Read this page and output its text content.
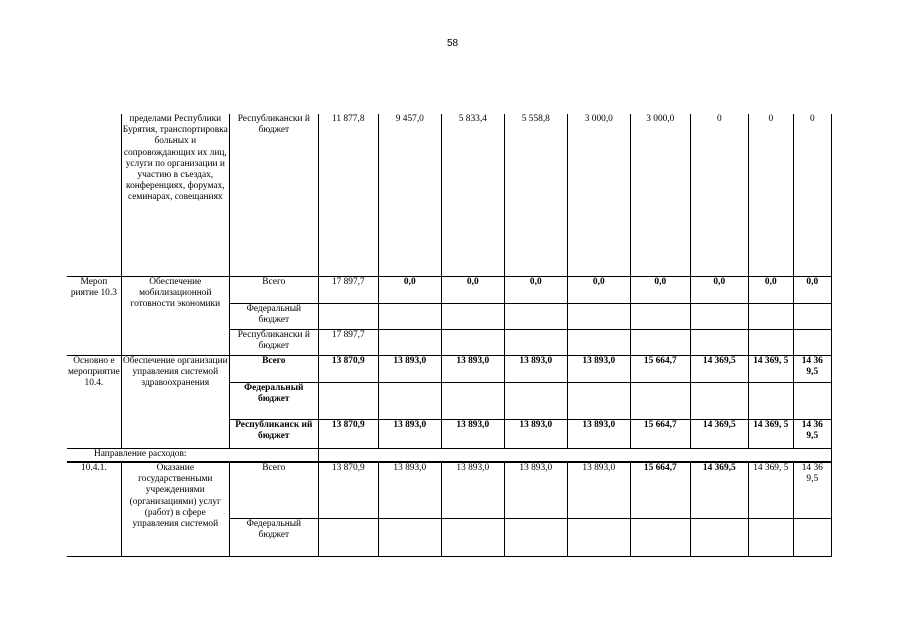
58
	пределами Республики Бурятия, транспортировка больных и сопровождающих их лиц, услуги по организации и участию в съездах, конференциях, форумах, семинарах, совещаниях	Республикански й бюджет	11 877,8	9 457,0	5 833,4	5 558,8	3 000,0	3 000,0	0	0	0
Мероп риятие 10.3	Обеспечение мобилизационной готовности экономики	Всего	17 897,7	0,0	0,0	0,0	0,0	0,0	0,0	0,0	0,0
		Федеральный бюджет									
		Республикански й бюджет	17 897,7								
Основно е мероприятие 10.4.	Обеспечение организации управления системой здравоохранения	Всего	13 870,9	13 893,0	13 893,0	13 893,0	13 893,0	15 664,7	14 369,5	14 369, 5	14 36 9,5
		Федеральный бюджет									
		Республиканск ий бюджет	13 870,9	13 893,0	13 893,0	13 893,0	13 893,0	15 664,7	14 369,5	14 369, 5	14 36 9,5
Направление расходов:											
10.4.1.	Оказание государственными учреждениями (организациями) услуг (работ) в сфере управления системой	Всего	13 870,9	13 893,0	13 893,0	13 893,0	13 893,0	15 664,7	14 369,5	14 369, 5	14 36 9,5
		Федеральный бюджет									
